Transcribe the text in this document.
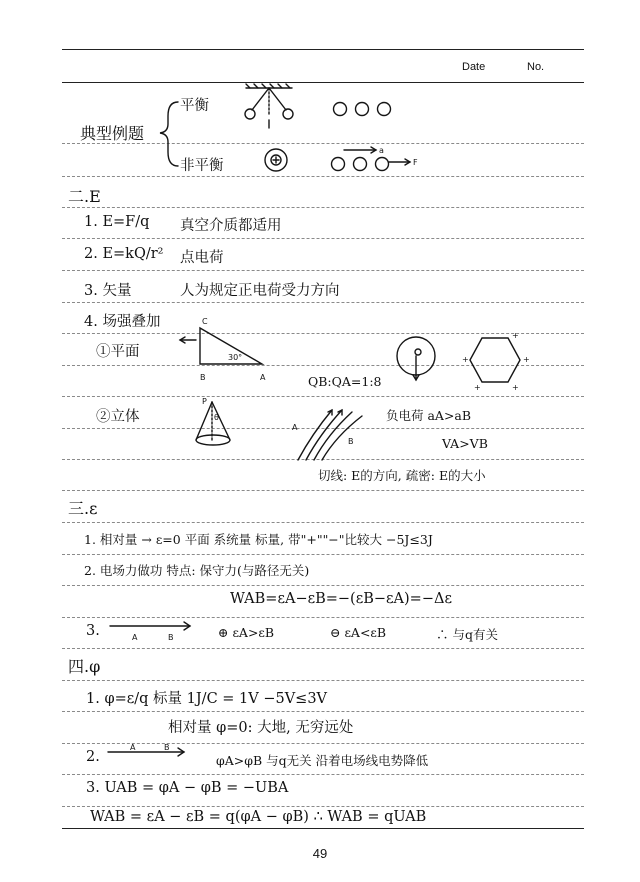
Date	No.
典型例题
平衡
非平衡
a
F
二.E
1. E=F/q 真空介质都适用
2. E=kQ/r² 点电荷
3. 矢量	人为规定正电荷受力方向
4. 场强叠加
①平面
C
B	A
30°
QB:QA=1:8
+
+
+
+
+
②立体
P
θ
A
B
负电荷 aA>aB
VA>VB
切线: E的方向, 疏密: E的大小
三.ε
1. 相对量 → ε=0 平面 系统量 标量, 带"+""−"比较大 −5J≤3J
2. 电场力做功 特点: 保守力(与路径无关)
WAB=εA−εB=−(εB−εA)=−Δε
3.	A	B	⊕ εA>εB	⊖ εA<εB	∴ 与q有关
四.φ
1. φ=ε/q 标量 1J/C = 1V −5V≤3V
相对量 φ=0: 大地, 无穷远处
2.
A	B
φA>φB 与q无关 沿着电场线电势降低
3. UAB = φA − φB = −UBA
WAB = εA − εB = q(φA − φB) ∴ WAB = qUAB
49
